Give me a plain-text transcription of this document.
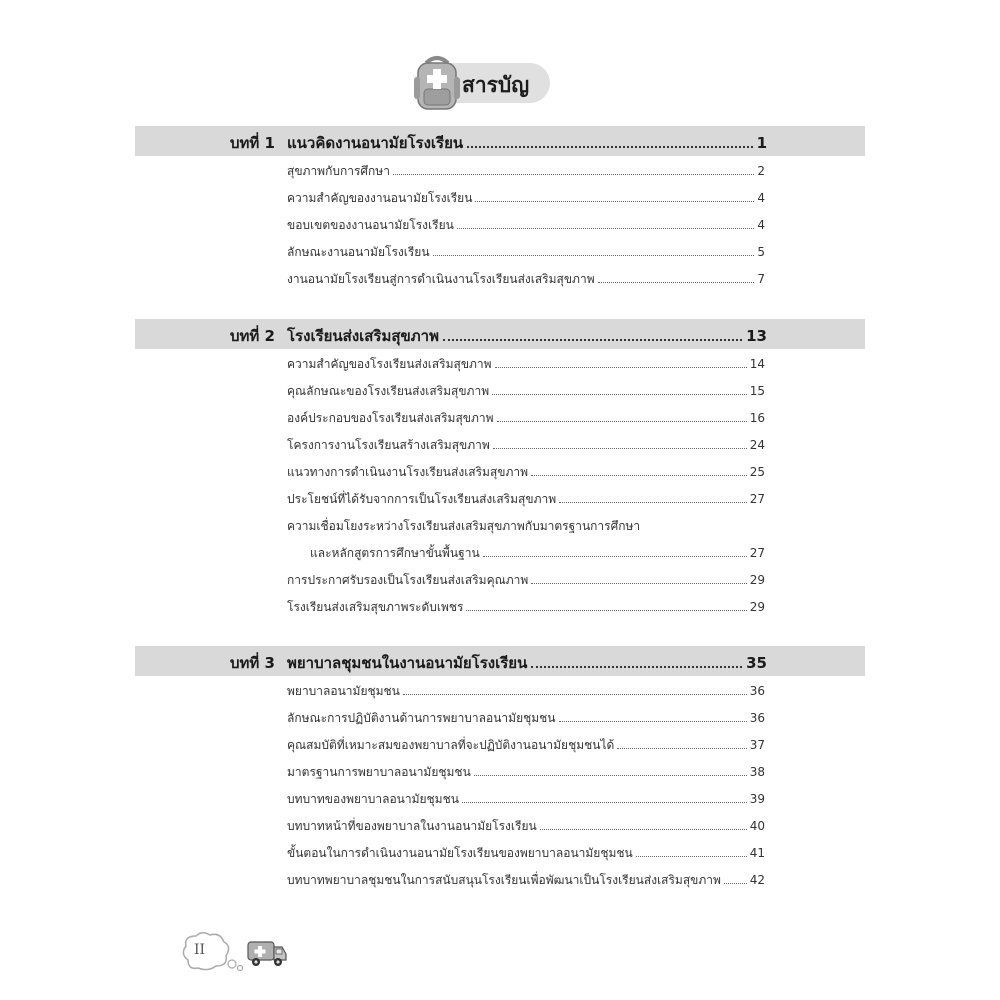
สารบัญ
บทที่ 1 แนวคิดงานอนามัยโรงเรียน	1
สุขภาพกับการศึกษา	2
ความสำคัญของงานอนามัยโรงเรียน	4
ขอบเขตของงานอนามัยโรงเรียน	4
ลักษณะงานอนามัยโรงเรียน	5
งานอนามัยโรงเรียนสู่การดำเนินงานโรงเรียนส่งเสริมสุขภาพ	7
บทที่ 2 โรงเรียนส่งเสริมสุขภาพ	13
ความสำคัญของโรงเรียนส่งเสริมสุขภาพ	14
คุณลักษณะของโรงเรียนส่งเสริมสุขภาพ	15
องค์ประกอบของโรงเรียนส่งเสริมสุขภาพ	16
โครงการงานโรงเรียนสร้างเสริมสุขภาพ	24
แนวทางการดำเนินงานโรงเรียนส่งเสริมสุขภาพ	25
ประโยชน์ที่ได้รับจากการเป็นโรงเรียนส่งเสริมสุขภาพ	27
ความเชื่อมโยงระหว่างโรงเรียนส่งเสริมสุขภาพกับมาตรฐานการศึกษา
และหลักสูตรการศึกษาขั้นพื้นฐาน	27
การประกาศรับรองเป็นโรงเรียนส่งเสริมคุณภาพ	29
โรงเรียนส่งเสริมสุขภาพระดับเพชร	29
บทที่ 3 พยาบาลชุมชนในงานอนามัยโรงเรียน	35
พยาบาลอนามัยชุมชน	36
ลักษณะการปฏิบัติงานด้านการพยาบาลอนามัยชุมชน	36
คุณสมบัติที่เหมาะสมของพยาบาลที่จะปฏิบัติงานอนามัยชุมชนได้	37
มาตรฐานการพยาบาลอนามัยชุมชน	38
บทบาทของพยาบาลอนามัยชุมชน	39
บทบาทหน้าที่ของพยาบาลในงานอนามัยโรงเรียน	40
ขั้นตอนในการดำเนินงานอนามัยโรงเรียนของพยาบาลอนามัยชุมชน	41
บทบาทพยาบาลชุมชนในการสนับสนุนโรงเรียนเพื่อพัฒนาเป็นโรงเรียนส่งเสริมสุขภาพ 42
II
